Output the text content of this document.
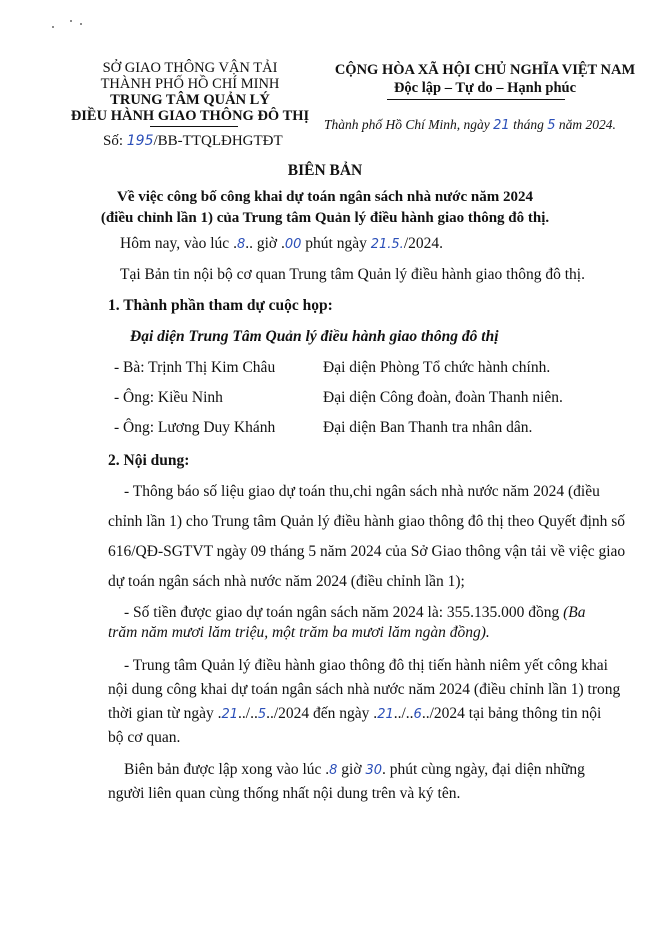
SỞ GIAO THÔNG VẬN TẢI
THÀNH PHỐ HỒ CHÍ MINH
TRUNG TÂM QUẢN LÝ
ĐIỀU HÀNH GIAO THÔNG ĐÔ THỊ
Số: 195/BB-TTQLĐHGTĐT
CỘNG HÒA XÃ HỘI CHỦ NGHĨA VIỆT NAM
Độc lập – Tự do – Hạnh phúc
Thành phố Hồ Chí Minh, ngày 21 tháng 5 năm 2024.
BIÊN BẢN
Về việc công bố công khai dự toán ngân sách nhà nước năm 2024
(điều chỉnh lần 1) của Trung tâm Quản lý điều hành giao thông đô thị.
Hôm nay, vào lúc .8.. giờ .00 phút ngày 21.5./2024.
Tại Bản tin nội bộ cơ quan Trung tâm Quản lý điều hành giao thông đô thị.
1. Thành phần tham dự cuộc họp:
Đại diện Trung Tâm Quản lý điều hành giao thông đô thị
- Bà: Trịnh Thị Kim Châu	Đại diện Phòng Tổ chức hành chính.
- Ông: Kiều Ninh	Đại diện Công đoàn, đoàn Thanh niên.
- Ông: Lương Duy Khánh	Đại diện Ban Thanh tra nhân dân.
2. Nội dung:
- Thông báo số liệu giao dự toán thu,chi ngân sách nhà nước năm 2024 (điều
chỉnh lần 1) cho Trung tâm Quản lý điều hành giao thông đô thị theo Quyết định số
616/QĐ-SGTVT ngày 09 tháng 5 năm 2024 của Sở Giao thông vận tải về việc giao
dự toán ngân sách nhà nước năm 2024 (điều chỉnh lần 1);
- Số tiền được giao dự toán ngân sách năm 2024 là: 355.135.000 đồng (Ba
trăm năm mươi lăm triệu, một trăm ba mươi lăm ngàn đồng).
- Trung tâm Quản lý điều hành giao thông đô thị tiến hành niêm yết công khai
nội dung công khai dự toán ngân sách nhà nước năm 2024 (điều chỉnh lần 1) trong
thời gian từ ngày .21../..5../2024 đến ngày .21../..6../2024 tại bảng thông tin nội
bộ cơ quan.
Biên bản được lập xong vào lúc .8 giờ 30. phút cùng ngày, đại diện những
người liên quan cùng thống nhất nội dung trên và ký tên.
